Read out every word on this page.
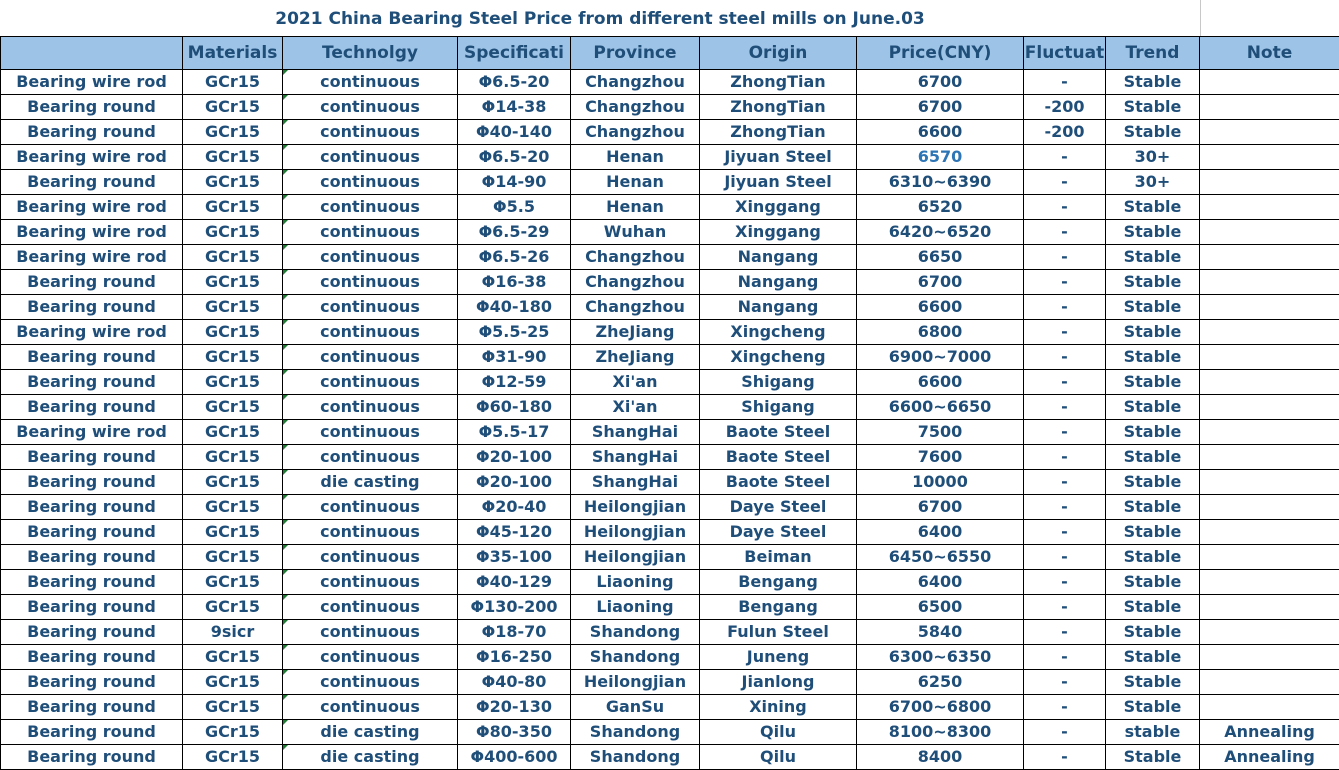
2021 China Bearing Steel Price from different steel mills on June.03
	Materials	Technolgy	Specificati	Province	Origin	Price(CNY)	Fluctuat	Trend	Note
Bearing wire rod	GCr15	continuous	Φ6.5-20	Changzhou	ZhongTian	6700	-	Stable	
Bearing round	GCr15	continuous	Φ14-38	Changzhou	ZhongTian	6700	-200	Stable	
Bearing round	GCr15	continuous	Φ40-140	Changzhou	ZhongTian	6600	-200	Stable	
Bearing wire rod	GCr15	continuous	Φ6.5-20	Henan	Jiyuan Steel	6570	-	30+	
Bearing round	GCr15	continuous	Φ14-90	Henan	Jiyuan Steel	6310~6390	-	30+	
Bearing wire rod	GCr15	continuous	Φ5.5	Henan	Xinggang	6520	-	Stable	
Bearing wire rod	GCr15	continuous	Φ6.5-29	Wuhan	Xinggang	6420~6520	-	Stable	
Bearing wire rod	GCr15	continuous	Φ6.5-26	Changzhou	Nangang	6650	-	Stable	
Bearing round	GCr15	continuous	Φ16-38	Changzhou	Nangang	6700	-	Stable	
Bearing round	GCr15	continuous	Φ40-180	Changzhou	Nangang	6600	-	Stable	
Bearing wire rod	GCr15	continuous	Φ5.5-25	ZheJiang	Xingcheng	6800	-	Stable	
Bearing round	GCr15	continuous	Φ31-90	ZheJiang	Xingcheng	6900~7000	-	Stable	
Bearing round	GCr15	continuous	Φ12-59	Xi'an	Shigang	6600	-	Stable	
Bearing round	GCr15	continuous	Φ60-180	Xi'an	Shigang	6600~6650	-	Stable	
Bearing wire rod	GCr15	continuous	Φ5.5-17	ShangHai	Baote Steel	7500	-	Stable	
Bearing round	GCr15	continuous	Φ20-100	ShangHai	Baote Steel	7600	-	Stable	
Bearing round	GCr15	die casting	Φ20-100	ShangHai	Baote Steel	10000	-	Stable	
Bearing round	GCr15	continuous	Φ20-40	Heilongjian	Daye Steel	6700	-	Stable	
Bearing round	GCr15	continuous	Φ45-120	Heilongjian	Daye Steel	6400	-	Stable	
Bearing round	GCr15	continuous	Φ35-100	Heilongjian	Beiman	6450~6550	-	Stable	
Bearing round	GCr15	continuous	Φ40-129	Liaoning	Bengang	6400	-	Stable	
Bearing round	GCr15	continuous	Φ130-200	Liaoning	Bengang	6500	-	Stable	
Bearing round	9sicr	continuous	Φ18-70	Shandong	Fulun Steel	5840	-	Stable	
Bearing round	GCr15	continuous	Φ16-250	Shandong	Juneng	6300~6350	-	Stable	
Bearing round	GCr15	continuous	Φ40-80	Heilongjian	Jianlong	6250	-	Stable	
Bearing round	GCr15	continuous	Φ20-130	GanSu	Xining	6700~6800	-	Stable	
Bearing round	GCr15	die casting	Φ80-350	Shandong	Qilu	8100~8300	-	stable	Annealing
Bearing round	GCr15	die casting	Φ400-600	Shandong	Qilu	8400	-	Stable	Annealing
